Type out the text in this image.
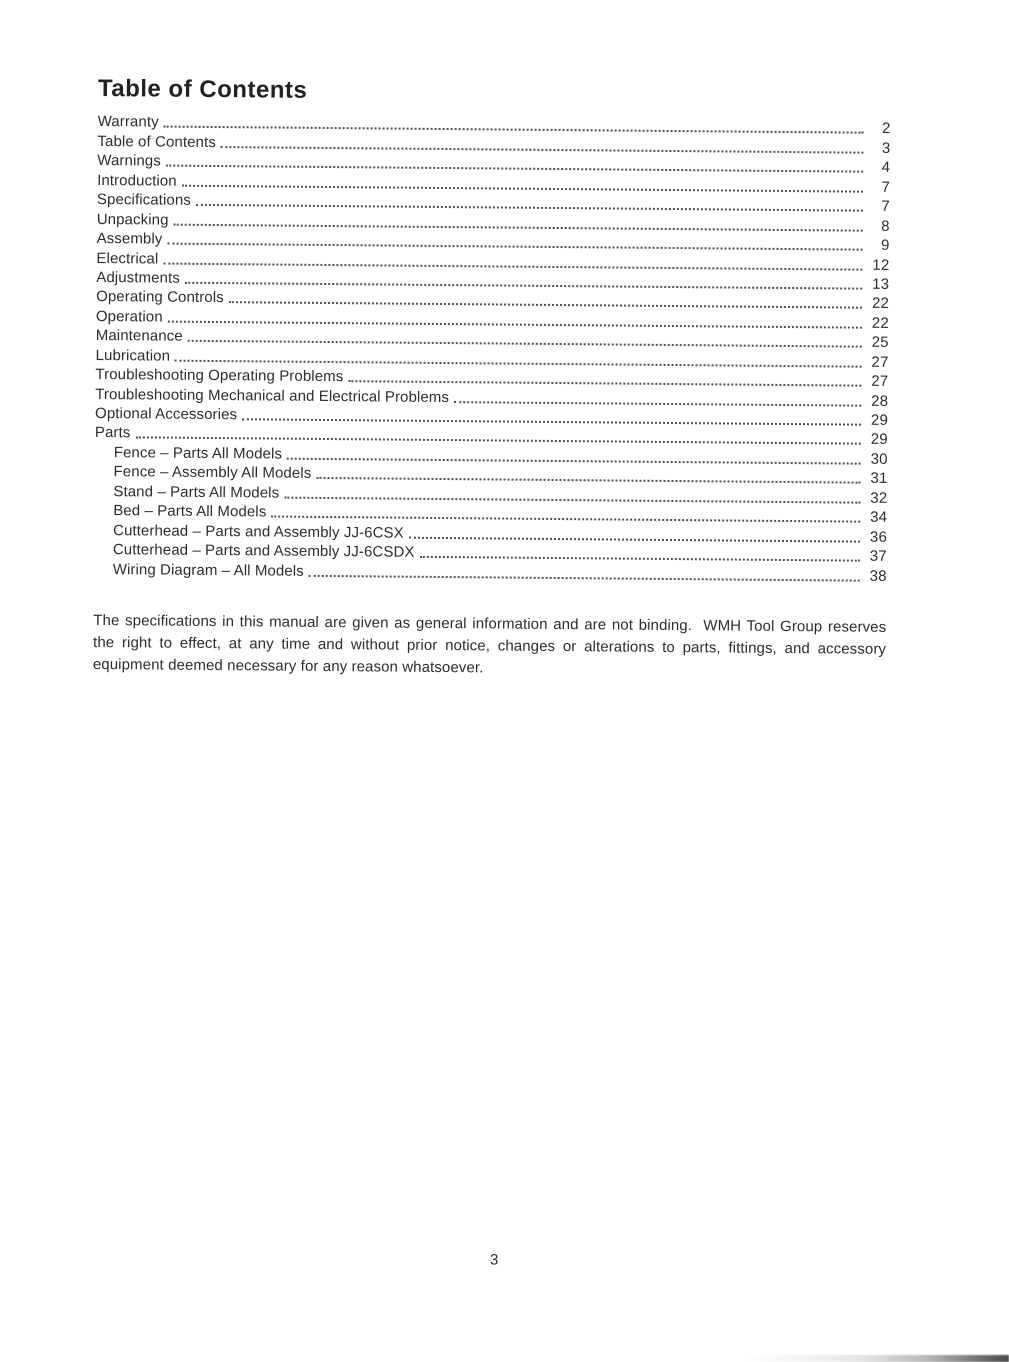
Table of Contents
Warranty	2
Table of Contents	3
Warnings	4
Introduction	7
Specifications	7
Unpacking	8
Assembly	9
Electrical	12
Adjustments	13
Operating Controls	22
Operation	22
Maintenance	25
Lubrication	27
Troubleshooting Operating Problems	27
Troubleshooting Mechanical and Electrical Problems	28
Optional Accessories	29
Parts	29
Fence – Parts All Models	30
Fence – Assembly All Models	31
Stand – Parts All Models	32
Bed – Parts All Models	34
Cutterhead – Parts and Assembly JJ-6CSX	36
Cutterhead – Parts and Assembly JJ-6CSDX	37
Wiring Diagram – All Models	38

The specifications in this manual are given as general information and are not binding.  WMH Tool Group reserves the right to effect, at any time and without prior notice, changes or alterations to parts, fittings, and accessory equipment deemed necessary for any reason whatsoever.

3
